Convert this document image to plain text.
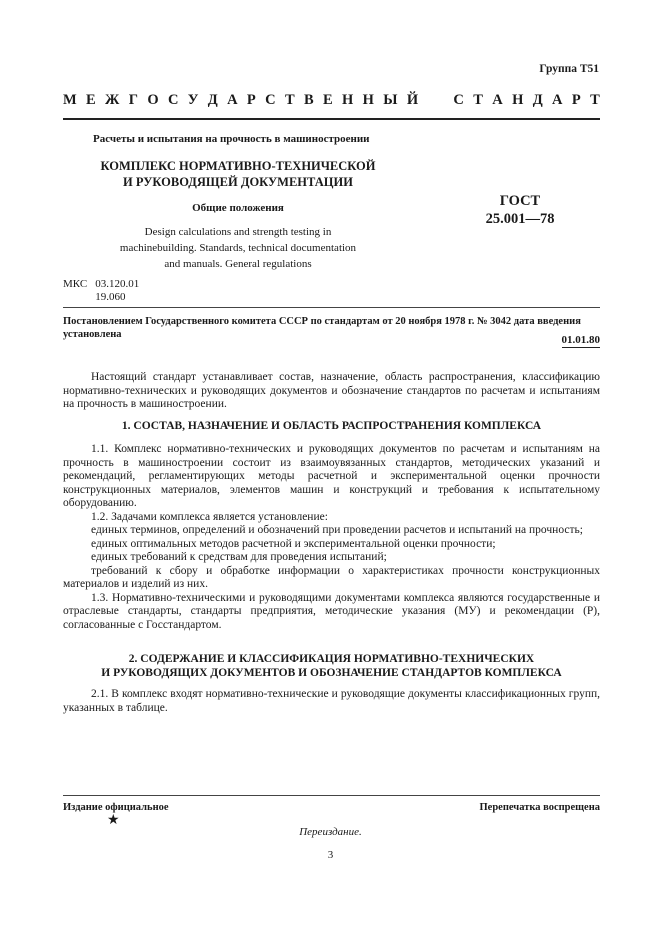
Группа Т51
М Е Ж Г О С У Д А Р С Т В Е Н Н Ы Й

С Т А Н Д А Р Т
Расчеты и испытания на прочность в машиностроении
КОМПЛЕКС НОРМАТИВНО-ТЕХНИЧЕСКОЙ
И РУКОВОДЯЩЕЙ ДОКУМЕНТАЦИИ
Общие положения
Design calculations and strength testing in
machinebuilding. Standards, technical documentation
and manuals. General regulations
ГОСТ
25.001—78
МКС 03.120.01
19.060
Постановлением Государственного комитета СССР по стандартам от 20 ноября 1978 г. № 3042 дата введения установлена	01.01.80

Настоящий стандарт устанавливает состав, назначение, область распространения, классификацию нормативно-технических и руководящих документов и обозначение стандартов по расчетам и испытаниям на прочность в машиностроении.

1. СОСТАВ, НАЗНАЧЕНИЕ И ОБЛАСТЬ РАСПРОСТРАНЕНИЯ КОМПЛЕКСА

1.1. Комплекс нормативно-технических и руководящих документов по расчетам и испытаниям на прочность в машиностроении состоит из взаимоувязанных стандартов, методических указаний и рекомендаций, регламентирующих методы расчетной и экспериментальной оценки прочности конструкционных материалов, элементов машин и конструкций и требования к испытательному оборудованию.

1.2. Задачами комплекса является установление:

единых терминов, определений и обозначений при проведении расчетов и испытаний на прочность;

единых оптимальных методов расчетной и экспериментальной оценки прочности;

единых требований к средствам для проведения испытаний;

требований к сбору и обработке информации о характеристиках прочности конструкционных материалов и изделий из них.

1.3. Нормативно-техническими и руководящими документами комплекса являются государственные и отраслевые стандарты, стандарты предприятия, методические указания (МУ) и рекомендации (Р), согласованные с Госстандартом.

2. СОДЕРЖАНИЕ И КЛАССИФИКАЦИЯ НОРМАТИВНО-ТЕХНИЧЕСКИХ
И РУКОВОДЯЩИХ ДОКУМЕНТОВ И ОБОЗНАЧЕНИЕ СТАНДАРТОВ КОМПЛЕКСА

2.1. В комплекс входят нормативно-технические и руководящие документы классификационных групп, указанных в таблице.

Издание официальное	Перепечатка воспрещена
★
Переиздание.
3
